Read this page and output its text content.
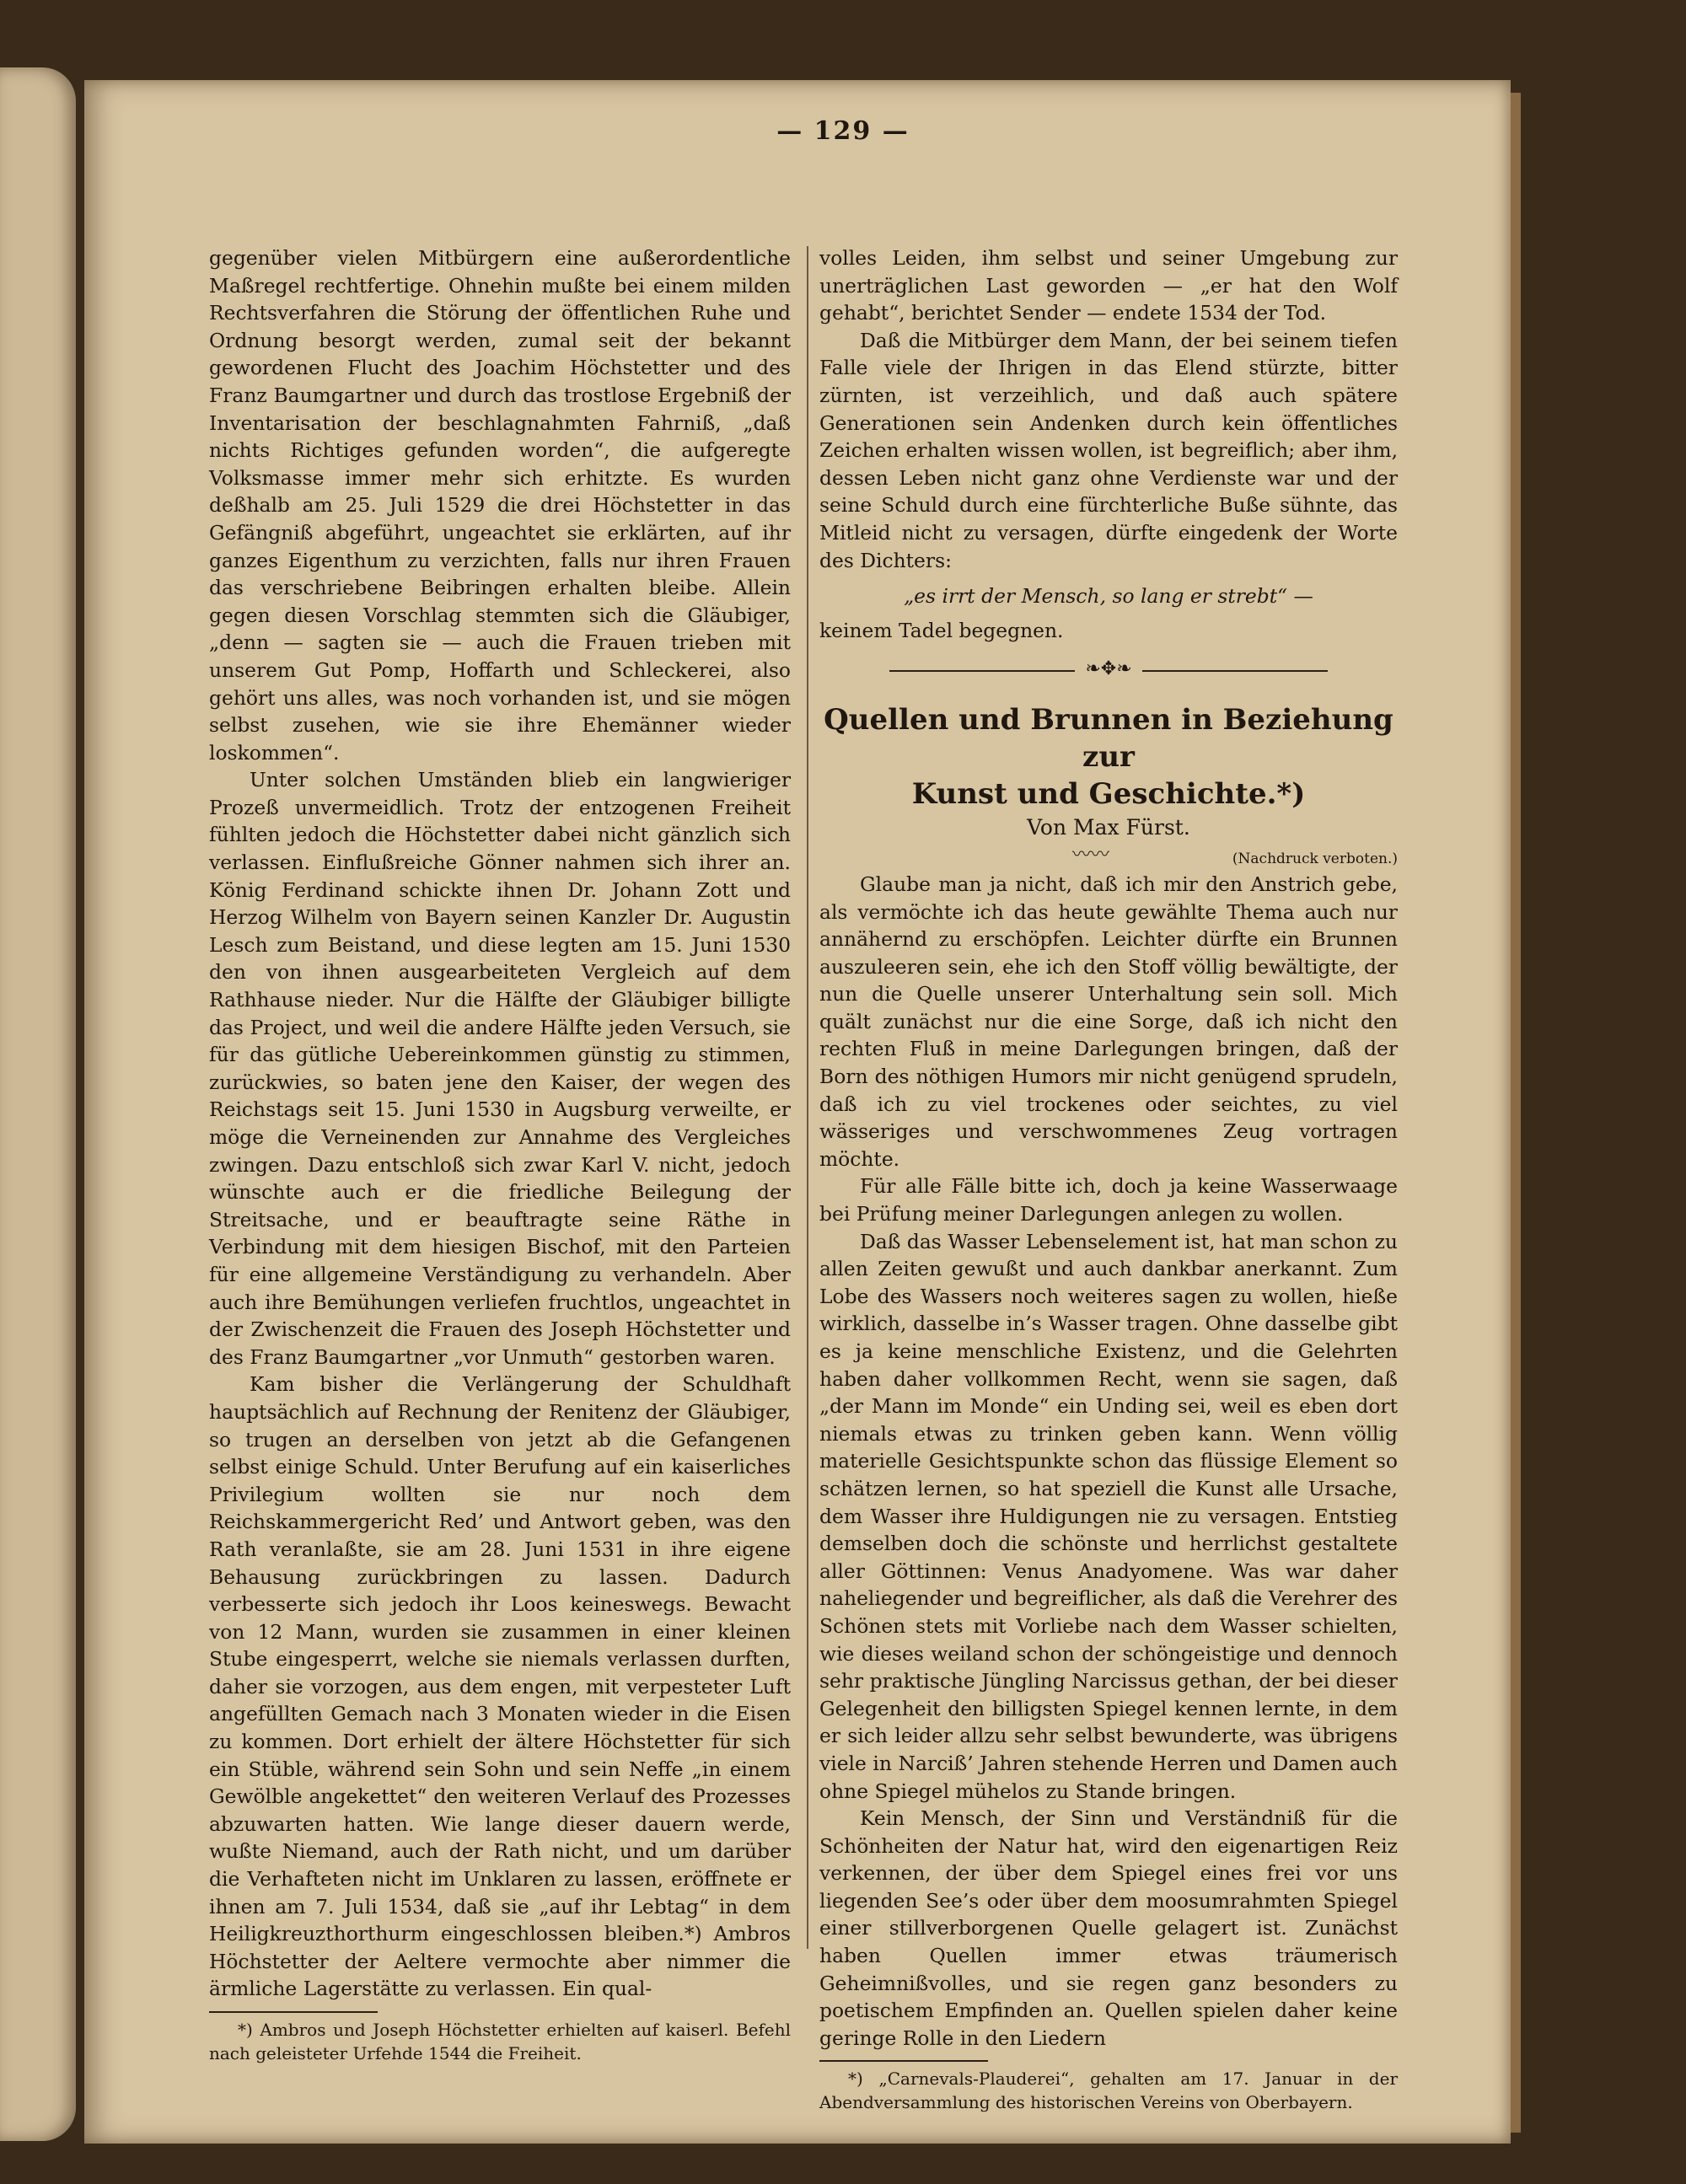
— 129 —

gegenüber vielen Mitbürgern eine außerordentliche Maßregel rechtfertige. Ohnehin mußte bei einem milden Rechtsverfahren die Störung der öffentlichen Ruhe und Ordnung besorgt werden, zumal seit der bekannt gewordenen Flucht des Joachim Höchstetter und des Franz Baumgartner und durch das trostlose Ergebniß der Inventarisation der beschlagnahmten Fahrniß, „daß nichts Richtiges gefunden worden“, die aufgeregte Volksmasse immer mehr sich erhitzte. Es wurden deßhalb am 25. Juli 1529 die drei Höchstetter in das Gefängniß abgeführt, ungeachtet sie erklärten, auf ihr ganzes Eigenthum zu verzichten, falls nur ihren Frauen das verschriebene Beibringen erhalten bleibe. Allein gegen diesen Vorschlag stemmten sich die Gläubiger, „denn — sagten sie — auch die Frauen trieben mit unserem Gut Pomp, Hoffarth und Schleckerei, also gehört uns alles, was noch vorhanden ist, und sie mögen selbst zusehen, wie sie ihre Ehemänner wieder loskommen“.

Unter solchen Umständen blieb ein langwieriger Prozeß unvermeidlich. Trotz der entzogenen Freiheit fühlten jedoch die Höchstetter dabei nicht gänzlich sich verlassen. Einflußreiche Gönner nahmen sich ihrer an. König Ferdinand schickte ihnen Dr. Johann Zott und Herzog Wilhelm von Bayern seinen Kanzler Dr. Augustin Lesch zum Beistand, und diese legten am 15. Juni 1530 den von ihnen ausgearbeiteten Vergleich auf dem Rathhause nieder. Nur die Hälfte der Gläubiger billigte das Project, und weil die andere Hälfte jeden Versuch, sie für das gütliche Uebereinkommen günstig zu stimmen, zurückwies, so baten jene den Kaiser, der wegen des Reichstags seit 15. Juni 1530 in Augsburg verweilte, er möge die Verneinenden zur Annahme des Vergleiches zwingen. Dazu entschloß sich zwar Karl V. nicht, jedoch wünschte auch er die friedliche Beilegung der Streitsache, und er beauftragte seine Räthe in Verbindung mit dem hiesigen Bischof, mit den Parteien für eine allgemeine Verständigung zu verhandeln. Aber auch ihre Bemühungen verliefen fruchtlos, ungeachtet in der Zwischenzeit die Frauen des Joseph Höchstetter und des Franz Baumgartner „vor Unmuth“ gestorben waren.

Kam bisher die Verlängerung der Schuldhaft hauptsächlich auf Rechnung der Renitenz der Gläubiger, so trugen an derselben von jetzt ab die Gefangenen selbst einige Schuld. Unter Berufung auf ein kaiserliches Privilegium wollten sie nur noch dem Reichskammergericht Red’ und Antwort geben, was den Rath veranlaßte, sie am 28. Juni 1531 in ihre eigene Behausung zurückbringen zu lassen. Dadurch verbesserte sich jedoch ihr Loos keineswegs. Bewacht von 12 Mann, wurden sie zusammen in einer kleinen Stube eingesperrt, welche sie niemals verlassen durften, daher sie vorzogen, aus dem engen, mit verpesteter Luft angefüllten Gemach nach 3 Monaten wieder in die Eisen zu kommen. Dort erhielt der ältere Höchstetter für sich ein Stüble, während sein Sohn und sein Neffe „in einem Gewölble angekettet“ den weiteren Verlauf des Prozesses abzuwarten hatten. Wie lange dieser dauern werde, wußte Niemand, auch der Rath nicht, und um darüber die Verhafteten nicht im Unklaren zu lassen, eröffnete er ihnen am 7. Juli 1534, daß sie „auf ihr Lebtag“ in dem Heiligkreuzthorthurm eingeschlossen bleiben.*) Ambros Höchstetter der Aeltere vermochte aber nimmer die ärmliche Lagerstätte zu verlassen. Ein qual-

*) Ambros und Joseph Höchstetter erhielten auf kaiserl. Befehl nach geleisteter Urfehde 1544 die Freiheit.

volles Leiden, ihm selbst und seiner Umgebung zur unerträglichen Last geworden — „er hat den Wolf gehabt“, berichtet Sender — endete 1534 der Tod.

Daß die Mitbürger dem Mann, der bei seinem tiefen Falle viele der Ihrigen in das Elend stürzte, bitter zürnten, ist verzeihlich, und daß auch spätere Generationen sein Andenken durch kein öffentliches Zeichen erhalten wissen wollen, ist begreiflich; aber ihm, dessen Leben nicht ganz ohne Verdienste war und der seine Schuld durch eine fürchterliche Buße sühnte, das Mitleid nicht zu versagen, dürfte eingedenk der Worte des Dichters:

„es irrt der Mensch, so lang er strebt“ —

keinem Tadel begegnen.

❧✥❧

Quellen und Brunnen in Beziehung zur

Kunst und Geschichte.*)

Von Max Fürst.

〰〰	(Nachdruck verboten.)

Glaube man ja nicht, daß ich mir den Anstrich gebe, als vermöchte ich das heute gewählte Thema auch nur annähernd zu erschöpfen. Leichter dürfte ein Brunnen auszuleeren sein, ehe ich den Stoff völlig bewältigte, der nun die Quelle unserer Unterhaltung sein soll. Mich quält zunächst nur die eine Sorge, daß ich nicht den rechten Fluß in meine Darlegungen bringen, daß der Born des nöthigen Humors mir nicht genügend sprudeln, daß ich zu viel trockenes oder seichtes, zu viel wässeriges und verschwommenes Zeug vortragen möchte.

Für alle Fälle bitte ich, doch ja keine Wasserwaage bei Prüfung meiner Darlegungen anlegen zu wollen.

Daß das Wasser Lebenselement ist, hat man schon zu allen Zeiten gewußt und auch dankbar anerkannt. Zum Lobe des Wassers noch weiteres sagen zu wollen, hieße wirklich, dasselbe in’s Wasser tragen. Ohne dasselbe gibt es ja keine menschliche Existenz, und die Gelehrten haben daher vollkommen Recht, wenn sie sagen, daß „der Mann im Monde“ ein Unding sei, weil es eben dort niemals etwas zu trinken geben kann. Wenn völlig materielle Gesichtspunkte schon das flüssige Element so schätzen lernen, so hat speziell die Kunst alle Ursache, dem Wasser ihre Huldigungen nie zu versagen. Entstieg demselben doch die schönste und herrlichst gestaltete aller Göttinnen: Venus Anadyomene. Was war daher naheliegender und begreiflicher, als daß die Verehrer des Schönen stets mit Vorliebe nach dem Wasser schielten, wie dieses weiland schon der schöngeistige und dennoch sehr praktische Jüngling Narcissus gethan, der bei dieser Gelegenheit den billigsten Spiegel kennen lernte, in dem er sich leider allzu sehr selbst bewunderte, was übrigens viele in Narciß’ Jahren stehende Herren und Damen auch ohne Spiegel mühelos zu Stande bringen.

Kein Mensch, der Sinn und Verständniß für die Schönheiten der Natur hat, wird den eigenartigen Reiz verkennen, der über dem Spiegel eines frei vor uns liegenden See’s oder über dem moosumrahmten Spiegel einer stillverborgenen Quelle gelagert ist. Zunächst haben Quellen immer etwas träumerisch Geheimnißvolles, und sie regen ganz besonders zu poetischem Empfinden an. Quellen spielen daher keine geringe Rolle in den Liedern

*) „Carnevals-Plauderei“, gehalten am 17. Januar in der Abendversammlung des historischen Vereins von Oberbayern.
